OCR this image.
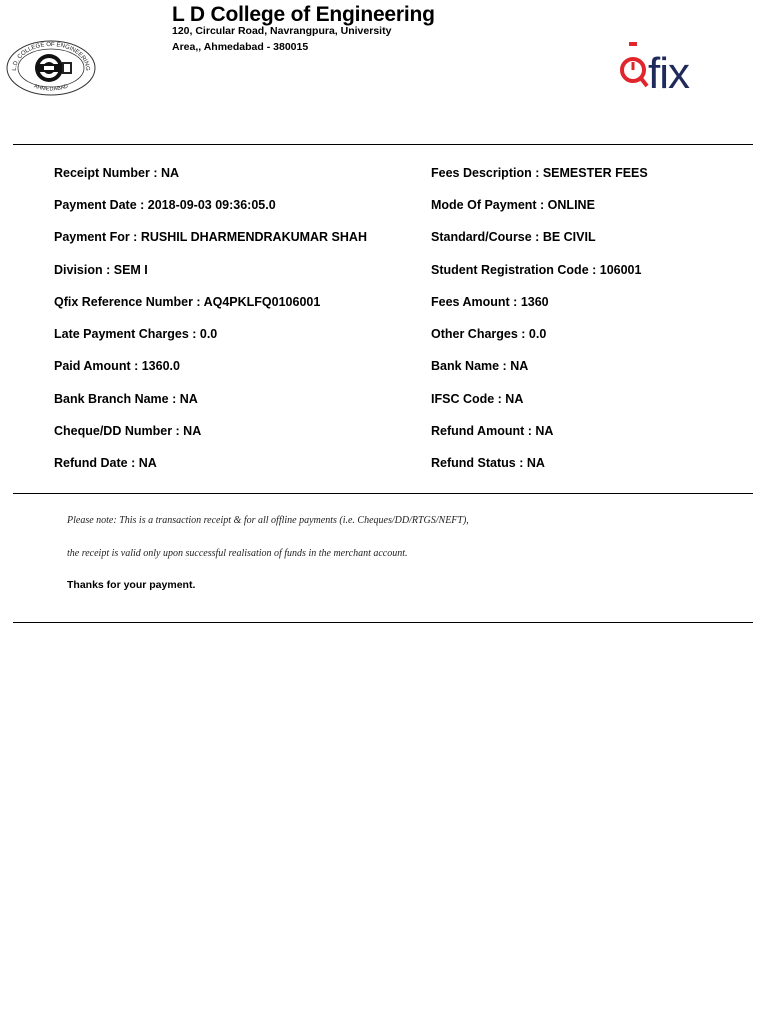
L.D. COLLEGE OF ENGINEERING
AHMEDABAD
L D College of Engineering
120, Circular Road, Navrangpura, University
Area,, Ahmedabad - 380015
fix
Receipt Number : NA
Payment Date : 2018-09-03 09:36:05.0
Payment For : RUSHIL DHARMENDRAKUMAR SHAH
Division : SEM I
Qfix Reference Number : AQ4PKLFQ0106001
Late Payment Charges : 0.0
Paid Amount : 1360.0
Bank Branch Name : NA
Cheque/DD Number : NA
Refund Date : NA
Fees Description : SEMESTER FEES
Mode Of Payment : ONLINE
Standard/Course : BE CIVIL
Student Registration Code : 106001
Fees Amount : 1360
Other Charges : 0.0
Bank Name : NA
IFSC Code : NA
Refund Amount : NA
Refund Status : NA
Please note: This is a transaction receipt & for all offline payments (i.e. Cheques/DD/RTGS/NEFT),
the receipt is valid only upon successful realisation of funds in the merchant account.
Thanks for your payment.
